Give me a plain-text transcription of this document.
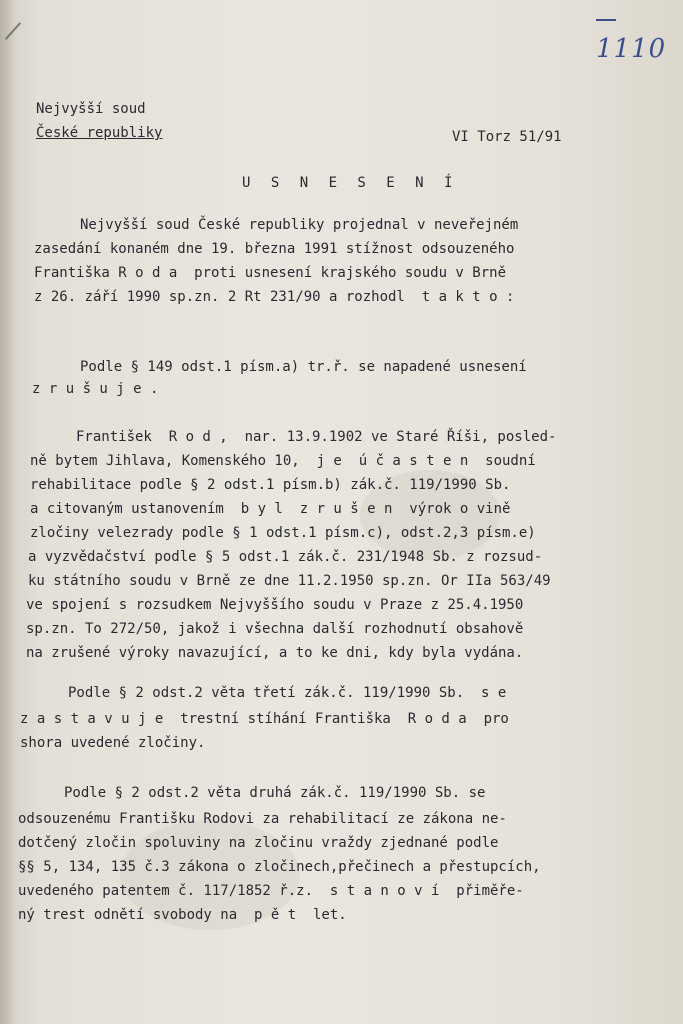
1110
Nejvyšší soud
České republiky	VI Torz 51/91
U S N E S E N Í
Nejvyšší soud České republiky projednal v neveřejném
zasedání konaném dne 19. března 1991 stížnost odsouzeného
Františka R o d a  proti usnesení krajského soudu v Brně
z 26. září 1990 sp.zn. 2 Rt 231/90 a rozhodl  t a k t o :
Podle § 149 odst.1 písm.a) tr.ř. se napadené usnesení
z r u š u j e .
František  R o d ,  nar. 13.9.1902 ve Staré Říši, posled-
ně bytem Jihlava, Komenského 10,  j e  ú č a s t e n  soudní
rehabilitace podle § 2 odst.1 písm.b) zák.č. 119/1990 Sb.
a citovaným ustanovením  b y l  z r u š e n  výrok o vině
zločiny velezrady podle § 1 odst.1 písm.c), odst.2,3 písm.e)
a vyzvědačství podle § 5 odst.1 zák.č. 231/1948 Sb. z rozsud-
ku státního soudu v Brně ze dne 11.2.1950 sp.zn. Or IIa 563/49
ve spojení s rozsudkem Nejvyššího soudu v Praze z 25.4.1950
sp.zn. To 272/50, jakož i všechna další rozhodnutí obsahově
na zrušené výroky navazující, a to ke dni, kdy byla vydána.
Podle § 2 odst.2 věta třetí zák.č. 119/1990 Sb.  s e
z a s t a v u j e  trestní stíhání Františka  R o d a  pro
shora uvedené zločiny.
Podle § 2 odst.2 věta druhá zák.č. 119/1990 Sb. se
odsouzenému Františku Rodovi za rehabilitací ze zákona ne-
dotčený zločin spoluviny na zločinu vraždy zjednané podle
§§ 5, 134, 135 č.3 zákona o zločinech,přečinech a přestupcích,
uvedeného patentem č. 117/1852 ř.z.  s t a n o v í  přiměře-
ný trest odnětí svobody na  p ě t  let.
